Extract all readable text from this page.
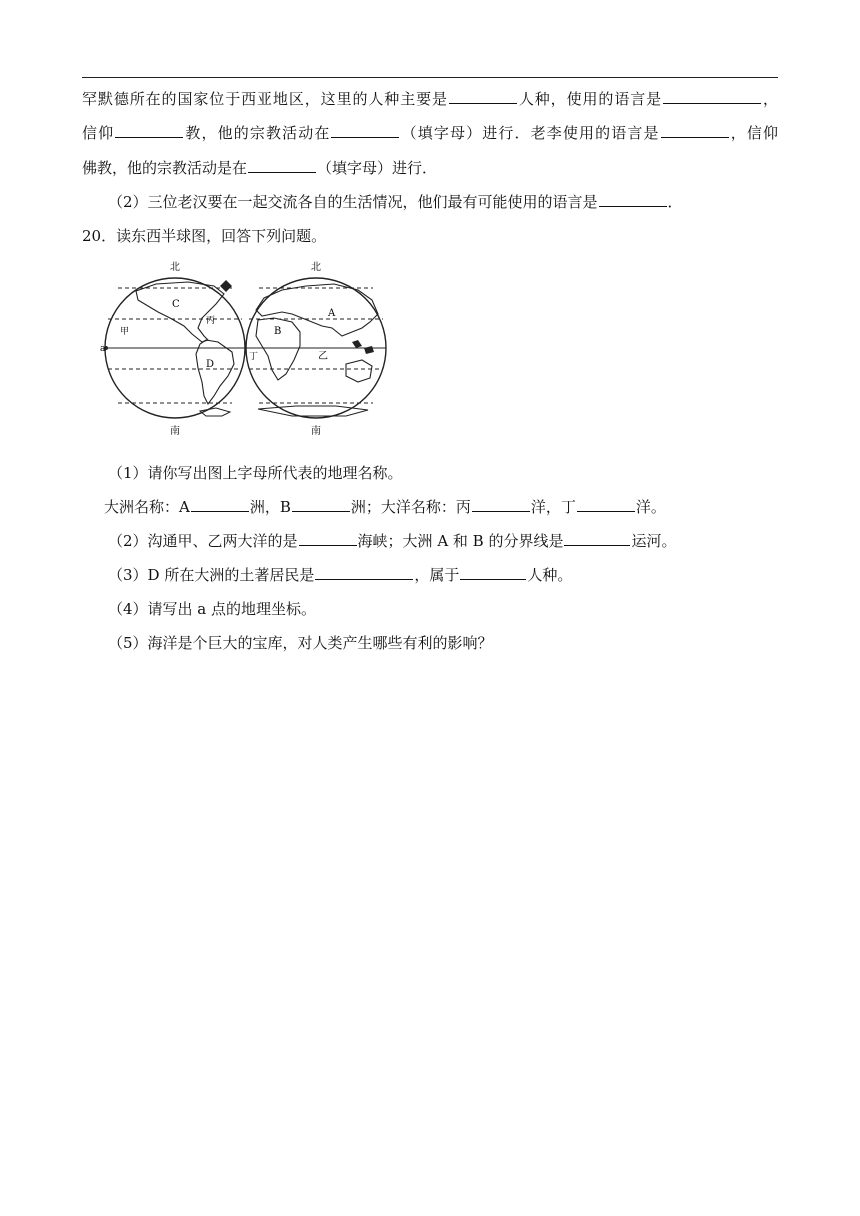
罕默德所在的国家位于西亚地区，这里的人种主要是	人种，使用的语言是	，
信仰	教，他的宗教活动在	（填字母）进行．老李使用的语言是	，信仰
佛教，他的宗教活动是在	（填字母）进行．
（2）三位老汉要在一起交流各自的生活情况，他们最有可能使用的语言是	．
20．读东西半球图，回答下列问题。
北
南
北
南
C
丙
甲
D
a
A
B
丁	乙
（1）请你写出图上字母所代表的地理名称。
大洲名称：A	洲，B	洲；大洋名称：丙	洋，丁	洋。
（2）沟通甲、乙两大洋的是	海峡；大洲 A 和 B 的分界线是	运河。
（3）D 所在大洲的土著居民是	，属于	人种。
（4）请写出 a 点的地理坐标。
（5）海洋是个巨大的宝库，对人类产生哪些有利的影响？
